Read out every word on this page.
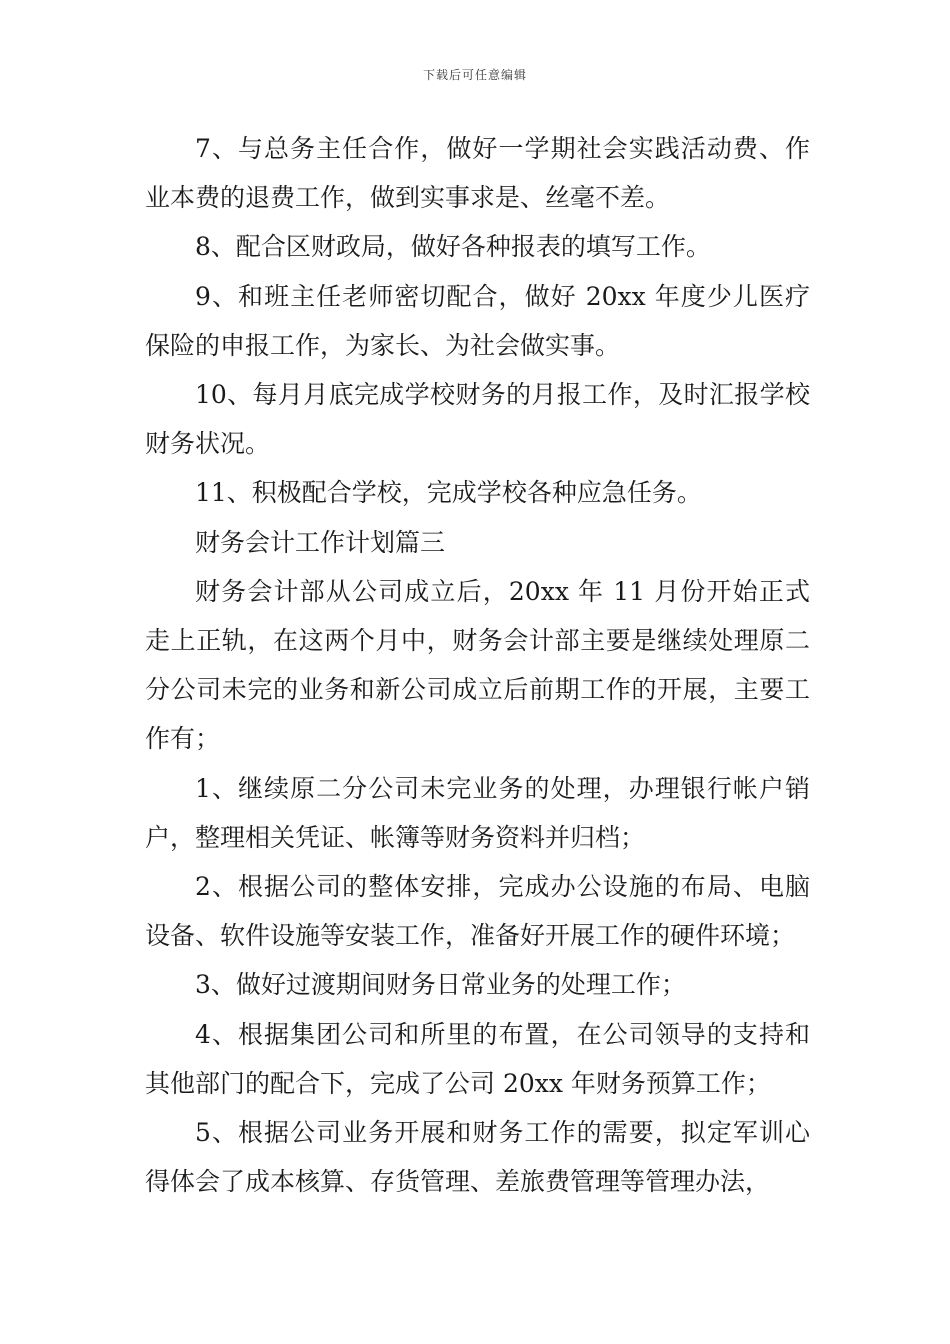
下载后可任意编辑

7、与总务主任合作，做好一学期社会实践活动费、作业本费的退费工作，做到实事求是、丝毫不差。

8、配合区财政局，做好各种报表的填写工作。

9、和班主任老师密切配合，做好 20xx 年度少儿医疗保险的申报工作，为家长、为社会做实事。

10、每月月底完成学校财务的月报工作，及时汇报学校财务状况。

11、积极配合学校，完成学校各种应急任务。

财务会计工作计划篇三

财务会计部从公司成立后，20xx 年 11 月份开始正式走上正轨，在这两个月中，财务会计部主要是继续处理原二分公司未完的业务和新公司成立后前期工作的开展，主要工作有；

1、继续原二分公司未完业务的处理，办理银行帐户销户，整理相关凭证、帐簿等财务资料并归档；

2、根据公司的整体安排，完成办公设施的布局、电脑设备、软件设施等安装工作，准备好开展工作的硬件环境；

3、做好过渡期间财务日常业务的处理工作；

4、根据集团公司和所里的布置，在公司领导的支持和其他部门的配合下，完成了公司 20xx 年财务预算工作；

5、根据公司业务开展和财务工作的需要，拟定军训心得体会了成本核算、存货管理、差旅费管理等管理办法，
